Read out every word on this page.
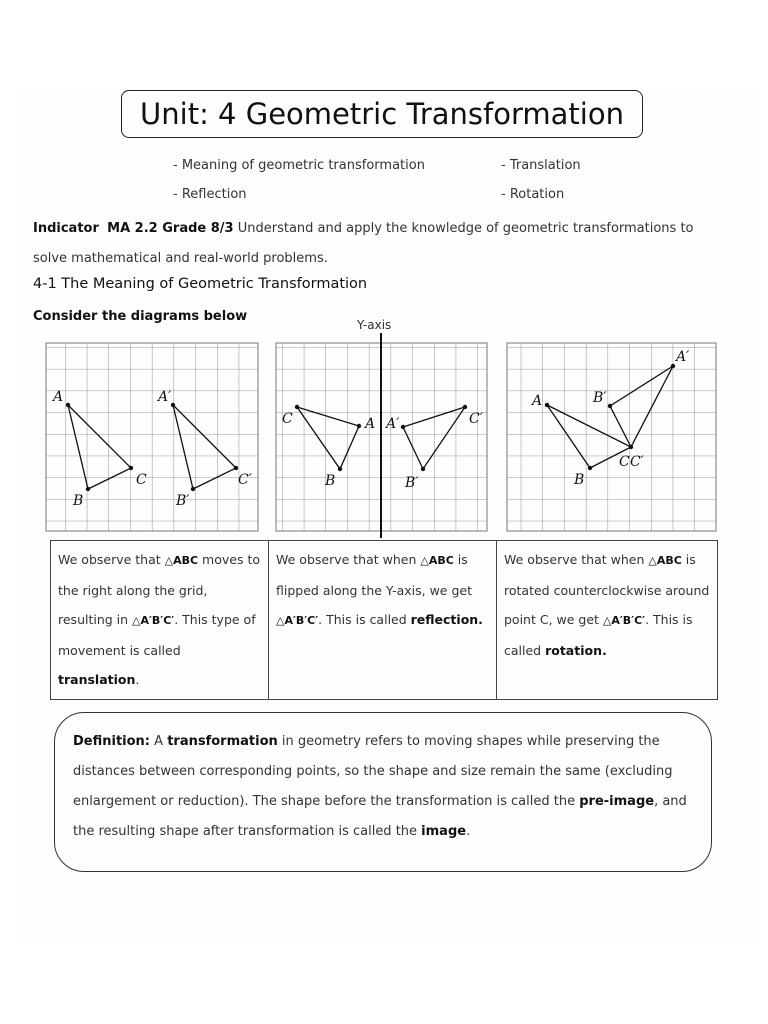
Unit: 4 Geometric Transformation
- Meaning of geometric transformation	- Translation
- Reflection	- Rotation
Indicator MA 2.2 Grade 8/3 Understand and apply the knowledge of geometric transformations to solve mathematical and real-world problems.
4-1 The Meaning of Geometric Transformation
Consider the diagrams below
Y-axis
A
B
C
A′
B′
C′
C	A
B
A′	C′
B′
A
B
C
A′
B′
C′
We observe that △ABC moves to the right along the grid, resulting in △A′B′C′. This type of movement is called translation.	We observe that when △ABC is flipped along the Y-axis, we get △A′B′C′. This is called reflection.	We observe that when △ABC is rotated counterclockwise around point C, we get △A′B′C′. This is called rotation.
Definition: A transformation in geometry refers to moving shapes while preserving the distances between corresponding points, so the shape and size remain the same (excluding enlargement or reduction). The shape before the transformation is called the pre-image, and the resulting shape after transformation is called the image.
